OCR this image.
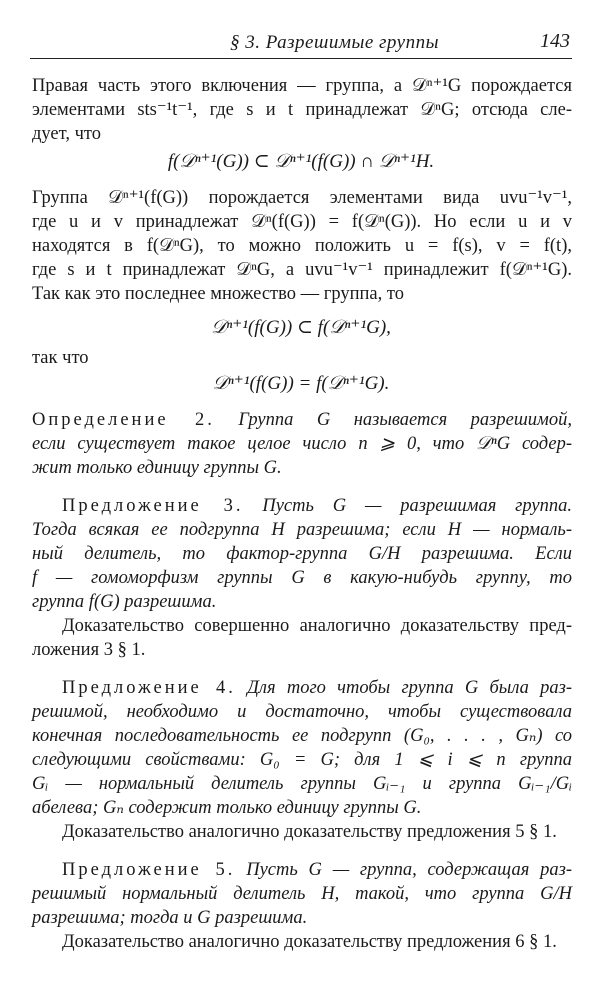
§ 3. Разрешимые группы	143
Правая часть этого включения — группа, а 𝒟ⁿ⁺¹G порождается
элементами sts⁻¹t⁻¹, где s и t принадлежат 𝒟ⁿG; отсюда сле-
дует, что
f(𝒟ⁿ⁺¹(G)) ⊂ 𝒟ⁿ⁺¹(f(G)) ∩ 𝒟ⁿ⁺¹H.
Группа 𝒟ⁿ⁺¹(f(G)) порождается элементами вида uvu⁻¹v⁻¹,
где u и v принадлежат 𝒟ⁿ(f(G)) = f(𝒟ⁿ(G)). Но если u и v
находятся в f(𝒟ⁿG), то можно положить u = f(s), v = f(t),
где s и t принадлежат 𝒟ⁿG, а uvu⁻¹v⁻¹ принадлежит f(𝒟ⁿ⁺¹G).
Так как это последнее множество — группа, то
𝒟ⁿ⁺¹(f(G)) ⊂ f(𝒟ⁿ⁺¹G),
так что
𝒟ⁿ⁺¹(f(G)) = f(𝒟ⁿ⁺¹G).
Определение 2. Группа G называется разрешимой,
если существует такое целое число n ⩾ 0, что 𝒟ⁿG содер-
жит только единицу группы G.
Предложение 3. Пусть G — разрешимая группа.
Тогда всякая ее подгруппа H разрешима; если H — нормаль-
ный делитель, то фактор-группа G/H разрешима. Если
f — гомоморфизм группы G в какую-нибудь группу, то
группа f(G) разрешима.
Доказательство совершенно аналогично доказательству пред-
ложения 3 § 1.
Предложение 4. Для того чтобы группа G была раз-
решимой, необходимо и достаточно, чтобы существовала
конечная последовательность ее подгрупп (G₀, . . . , Gₙ) со
следующими свойствами: G₀ = G; для 1 ⩽ i ⩽ n группа
Gᵢ — нормальный делитель группы Gᵢ₋₁ и группа Gᵢ₋₁/Gᵢ
абелева; Gₙ содержит только единицу группы G.
Доказательство аналогично доказательству предложения 5 § 1.
Предложение 5. Пусть G — группа, содержащая раз-
решимый нормальный делитель H, такой, что группа G/H
разрешима; тогда и G разрешима.
Доказательство аналогично доказательству предложения 6 § 1.
